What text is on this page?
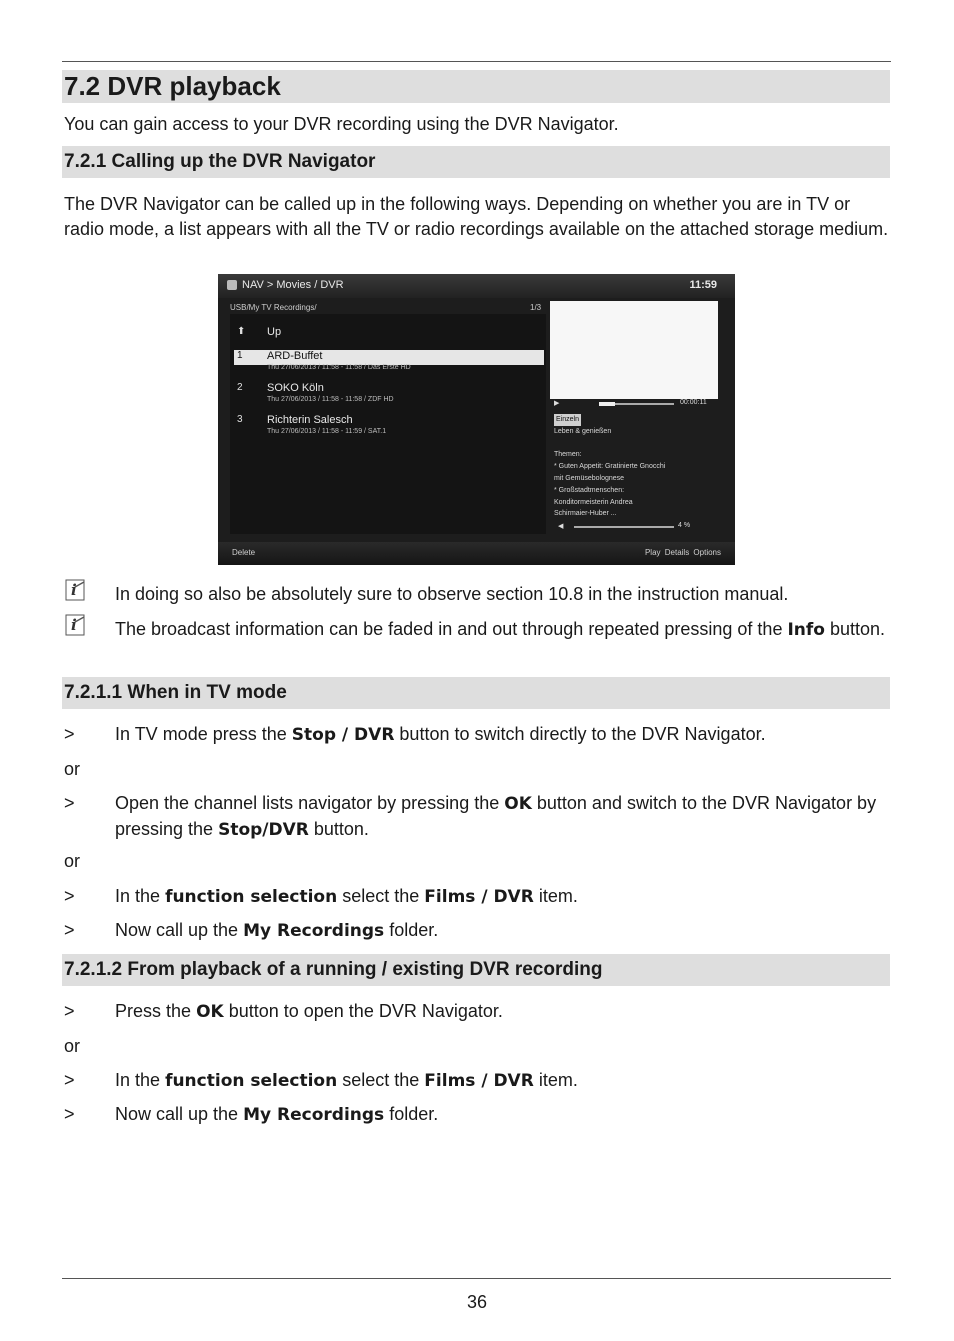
7.2 DVR playback
You can gain access to your DVR recording using the DVR Navigator.
7.2.1 Calling up the DVR Navigator
The DVR Navigator can be called up in the following ways. Depending on whether you are in TV or radio mode, a list appears with all the TV or radio recordings available on the attached storage medium.
NAV > Movies / DVR	11:59
USB/My TV Recordings/	1/3
⬆ Up
1 ARD-Buffet
Thu 27/06/2013 / 11:58 - 11:58 / Das Erste HD
2 SOKO Köln
Thu 27/06/2013 / 11:58 - 11:58 / ZDF HD
3 Richterin Salesch
Thu 27/06/2013 / 11:58 - 11:59 / SAT.1
▶	00:00:11
Einzeln
Leben & genießen
Themen:
* Guten Appetit: Gratinierte Gnocchi
mit Gemüsebolognese
* Großstadtmenschen:
Konditormeisterin Andrea
Schirmaier-Huber ...
◀	4 %
Delete	Play Details Options
i In doing so also be absolutely sure to observe section 10.8 in the instruction manual.
i The broadcast information can be faded in and out through repeated pressing of the Info button.
7.2.1.1 When in TV mode
> In TV mode press the Stop / DVR button to switch directly to the DVR Navigator.
or
> Open the channel lists navigator by pressing the OK button and switch to the DVR Navigator by pressing the Stop/DVR button.
or
> In the function selection select the Films / DVR item.
> Now call up the My Recordings folder.
7.2.1.2 From playback of a running / existing DVR recording
> Press the OK button to open the DVR Navigator.
or
> In the function selection select the Films / DVR item.
> Now call up the My Recordings folder.
36
